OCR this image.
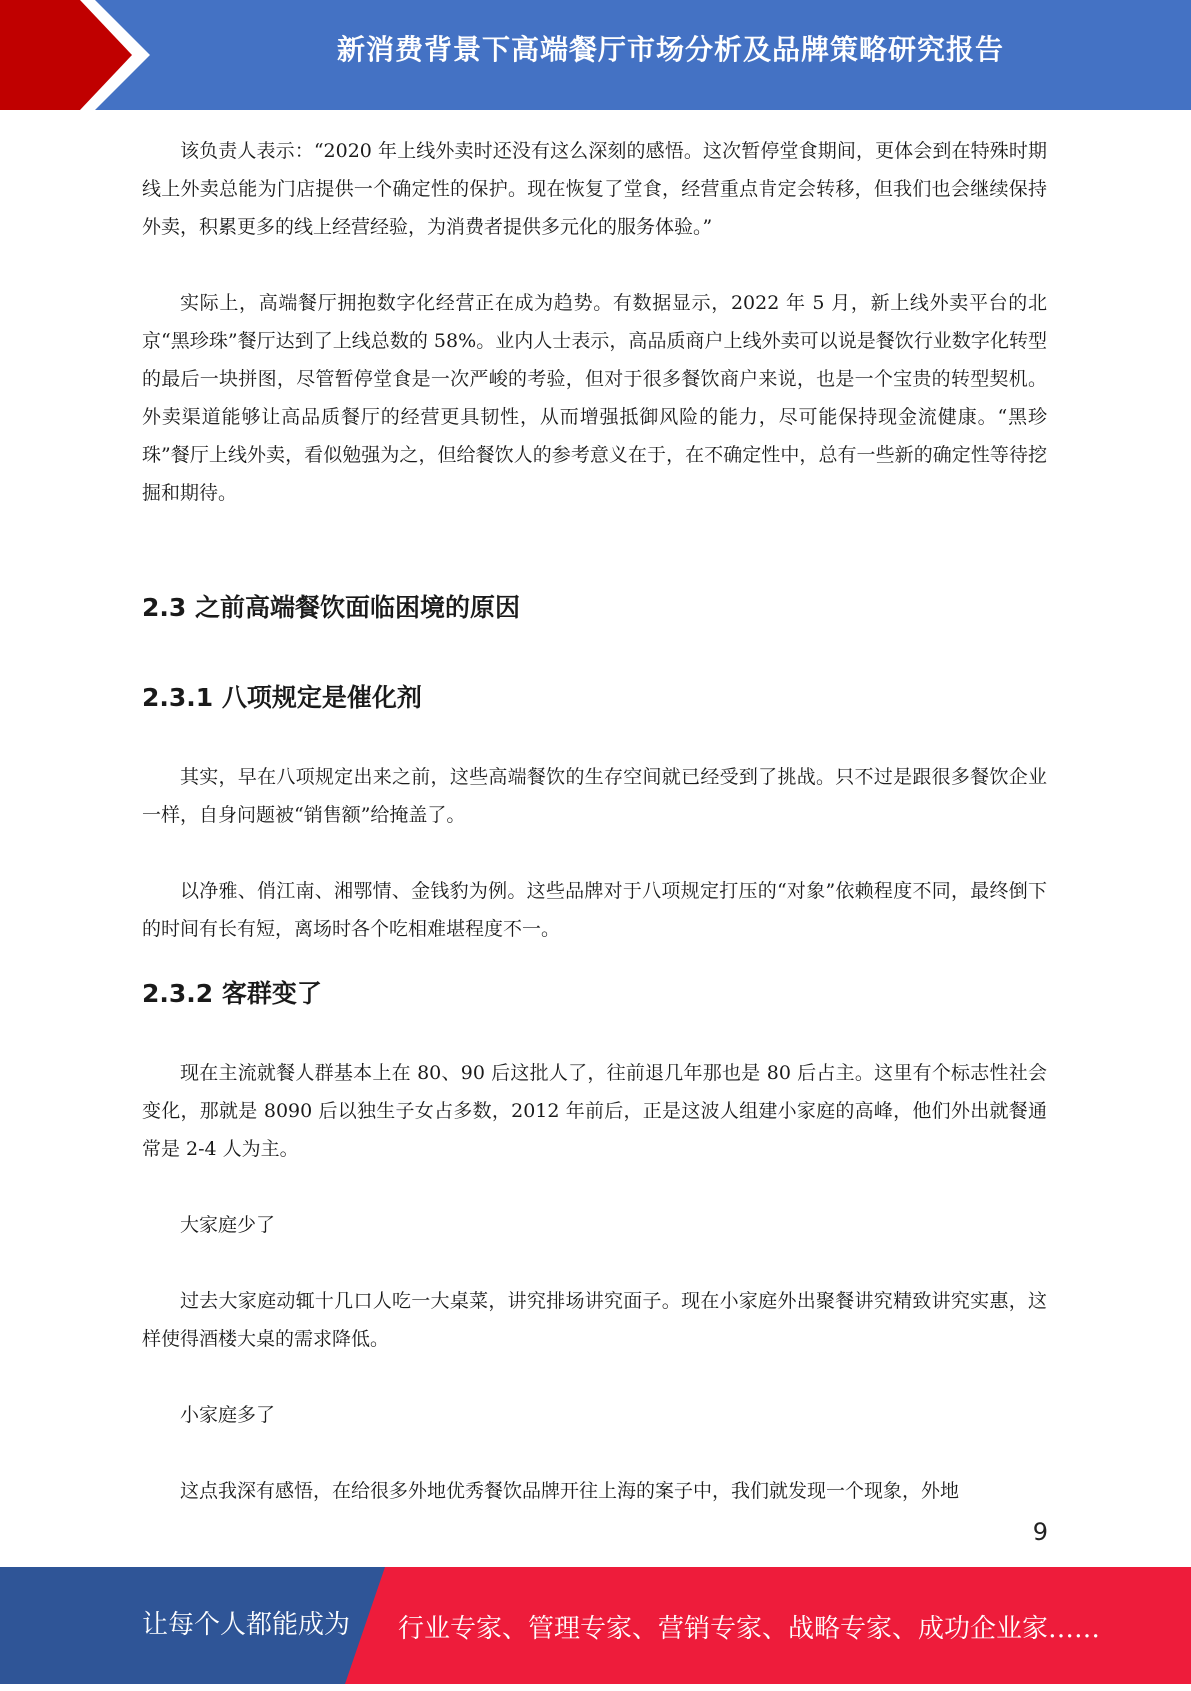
新消费背景下高端餐厅市场分析及品牌策略研究报告

该负责人表示：“2020 年上线外卖时还没有这么深刻的感悟。这次暂停堂食期间，更体会到在特殊时期线上外卖总能为门店提供一个确定性的保护。现在恢复了堂食，经营重点肯定会转移，但我们也会继续保持外卖，积累更多的线上经营经验，为消费者提供多元化的服务体验。”

实际上，高端餐厅拥抱数字化经营正在成为趋势。有数据显示，2022 年 5 月，新上线外卖平台的北京“黑珍珠”餐厅达到了上线总数的 58%。业内人士表示，高品质商户上线外卖可以说是餐饮行业数字化转型的最后一块拼图，尽管暂停堂食是一次严峻的考验，但对于很多餐饮商户来说，也是一个宝贵的转型契机。外卖渠道能够让高品质餐厅的经营更具韧性，从而增强抵御风险的能力，尽可能保持现金流健康。“黑珍珠”餐厅上线外卖，看似勉强为之，但给餐饮人的参考意义在于，在不确定性中，总有一些新的确定性等待挖掘和期待。

2.3 之前高端餐饮面临困境的原因
2.3.1 八项规定是催化剂

其实，早在八项规定出来之前，这些高端餐饮的生存空间就已经受到了挑战。只不过是跟很多餐饮企业一样，自身问题被“销售额”给掩盖了。

以净雅、俏江南、湘鄂情、金钱豹为例。这些品牌对于八项规定打压的“对象”依赖程度不同，最终倒下的时间有长有短，离场时各个吃相难堪程度不一。

2.3.2 客群变了

现在主流就餐人群基本上在 80、90 后这批人了，往前退几年那也是 80 后占主。这里有个标志性社会变化，那就是 8090 后以独生子女占多数，2012 年前后，正是这波人组建小家庭的高峰，他们外出就餐通常是 2-4 人为主。

大家庭少了

过去大家庭动辄十几口人吃一大桌菜，讲究排场讲究面子。现在小家庭外出聚餐讲究精致讲究实惠，这样使得酒楼大桌的需求降低。

小家庭多了

这点我深有感悟，在给很多外地优秀餐饮品牌开往上海的案子中，我们就发现一个现象，外地

9
让每个人都能成为 行业专家、管理专家、营销专家、战略专家、成功企业家……
